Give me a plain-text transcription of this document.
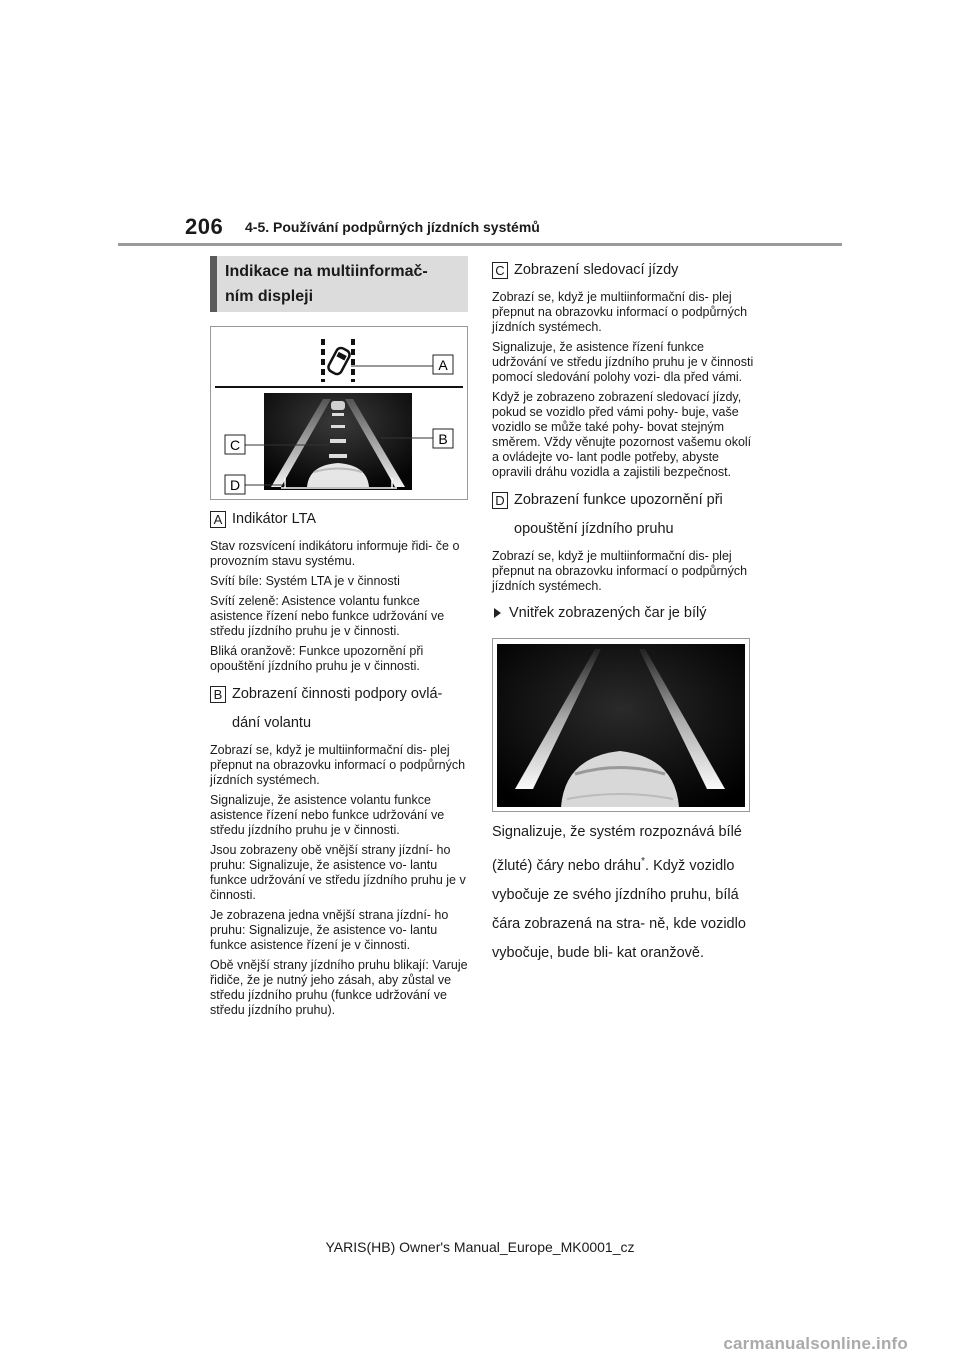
206 4-5. Používání podpůrných jízdních systémů
Indikace na multiinformač-
ním displeji
A
B
C
D
A Indikátor LTA
Stav rozsvícení indikátoru informuje řidi- če o provozním stavu systému.
Svítí bíle: Systém LTA je v činnosti
Svítí zeleně: Asistence volantu funkce asistence řízení nebo funkce udržování ve středu jízdního pruhu je v činnosti.
Bliká oranžově: Funkce upozornění při opouštění jízdního pruhu je v činnosti.
B Zobrazení činnosti podpory ovlá-
dání volantu
Zobrazí se, když je multiinformační dis- plej přepnut na obrazovku informací o podpůrných jízdních systémech.
Signalizuje, že asistence volantu funkce asistence řízení nebo funkce udržování ve středu jízdního pruhu je v činnosti.
Jsou zobrazeny obě vnější strany jízdní- ho pruhu: Signalizuje, že asistence vo- lantu funkce udržování ve středu jízdního pruhu je v činnosti.
Je zobrazena jedna vnější strana jízdní- ho pruhu: Signalizuje, že asistence vo- lantu funkce asistence řízení je v činnosti.
Obě vnější strany jízdního pruhu blikají: Varuje řidiče, že je nutný jeho zásah, aby zůstal ve středu jízdního pruhu (funkce udržování ve středu jízdního pruhu).
C Zobrazení sledovací jízdy
Zobrazí se, když je multiinformační dis- plej přepnut na obrazovku informací o podpůrných jízdních systémech.
Signalizuje, že asistence řízení funkce udržování ve středu jízdního pruhu je v činnosti pomocí sledování polohy vozi- dla před vámi.
Když je zobrazeno zobrazení sledovací jízdy, pokud se vozidlo před vámi pohy- buje, vaše vozidlo se může také pohy- bovat stejným směrem. Vždy věnujte pozornost vašemu okolí a ovládejte vo- lant podle potřeby, abyste opravili dráhu vozidla a zajistili bezpečnost.
D Zobrazení funkce upozornění při
opouštění jízdního pruhu
Zobrazí se, když je multiinformační dis- plej přepnut na obrazovku informací o podpůrných jízdních systémech.
Vnitřek zobrazených čar je bílý
Signalizuje, že systém rozpoznává bílé (žluté) čáry nebo dráhu*. Když vozidlo vybočuje ze svého jízdního pruhu, bílá čára zobrazená na stra- ně, kde vozidlo vybočuje, bude bli- kat oranžově.
YARIS(HB) Owner's Manual_Europe_MK0001_cz
carmanualsonline.info
